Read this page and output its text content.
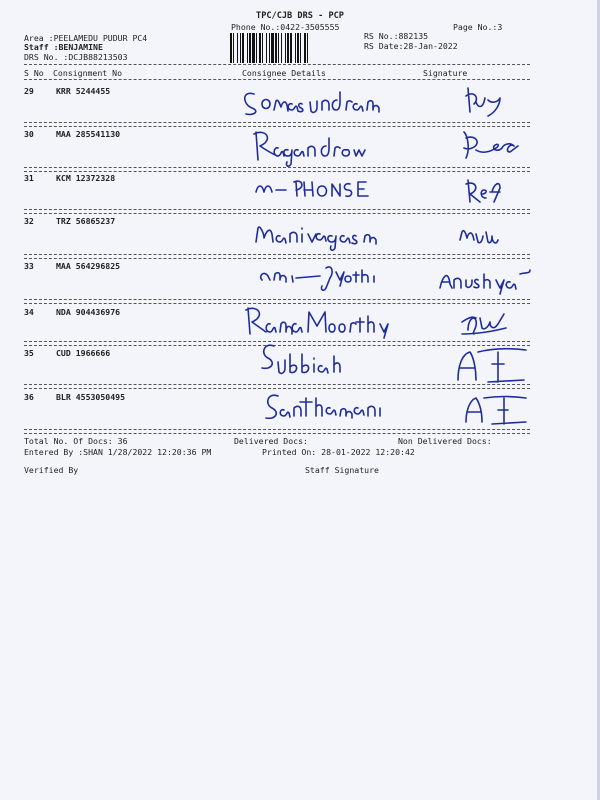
TPC/CJB DRS - PCP
Phone No.:0422-3505555	Page No.:3
Area :PEELAMEDU PUDUR PC4
Staff :BENJAMINE
DRS No. :DCJB88213503
RS No.:882135
RS Date:28-Jan-2022
S No Consignment No	Consignee Details	Signature
29	KRR 5244455
30	MAA 285541130
31	KCM 12372328
32	TRZ 56865237
33	MAA 564296825
34	NDA 904436976
35	CUD 1966666
36	BLR 4553050495
Total No. Of Docs: 36	Delivered Docs:	Non Delivered Docs:
Entered By :SHAN 1/28/2022 12:20:36 PM	Printed On: 28-01-2022 12:20:42
Verified By	Staff Signature
